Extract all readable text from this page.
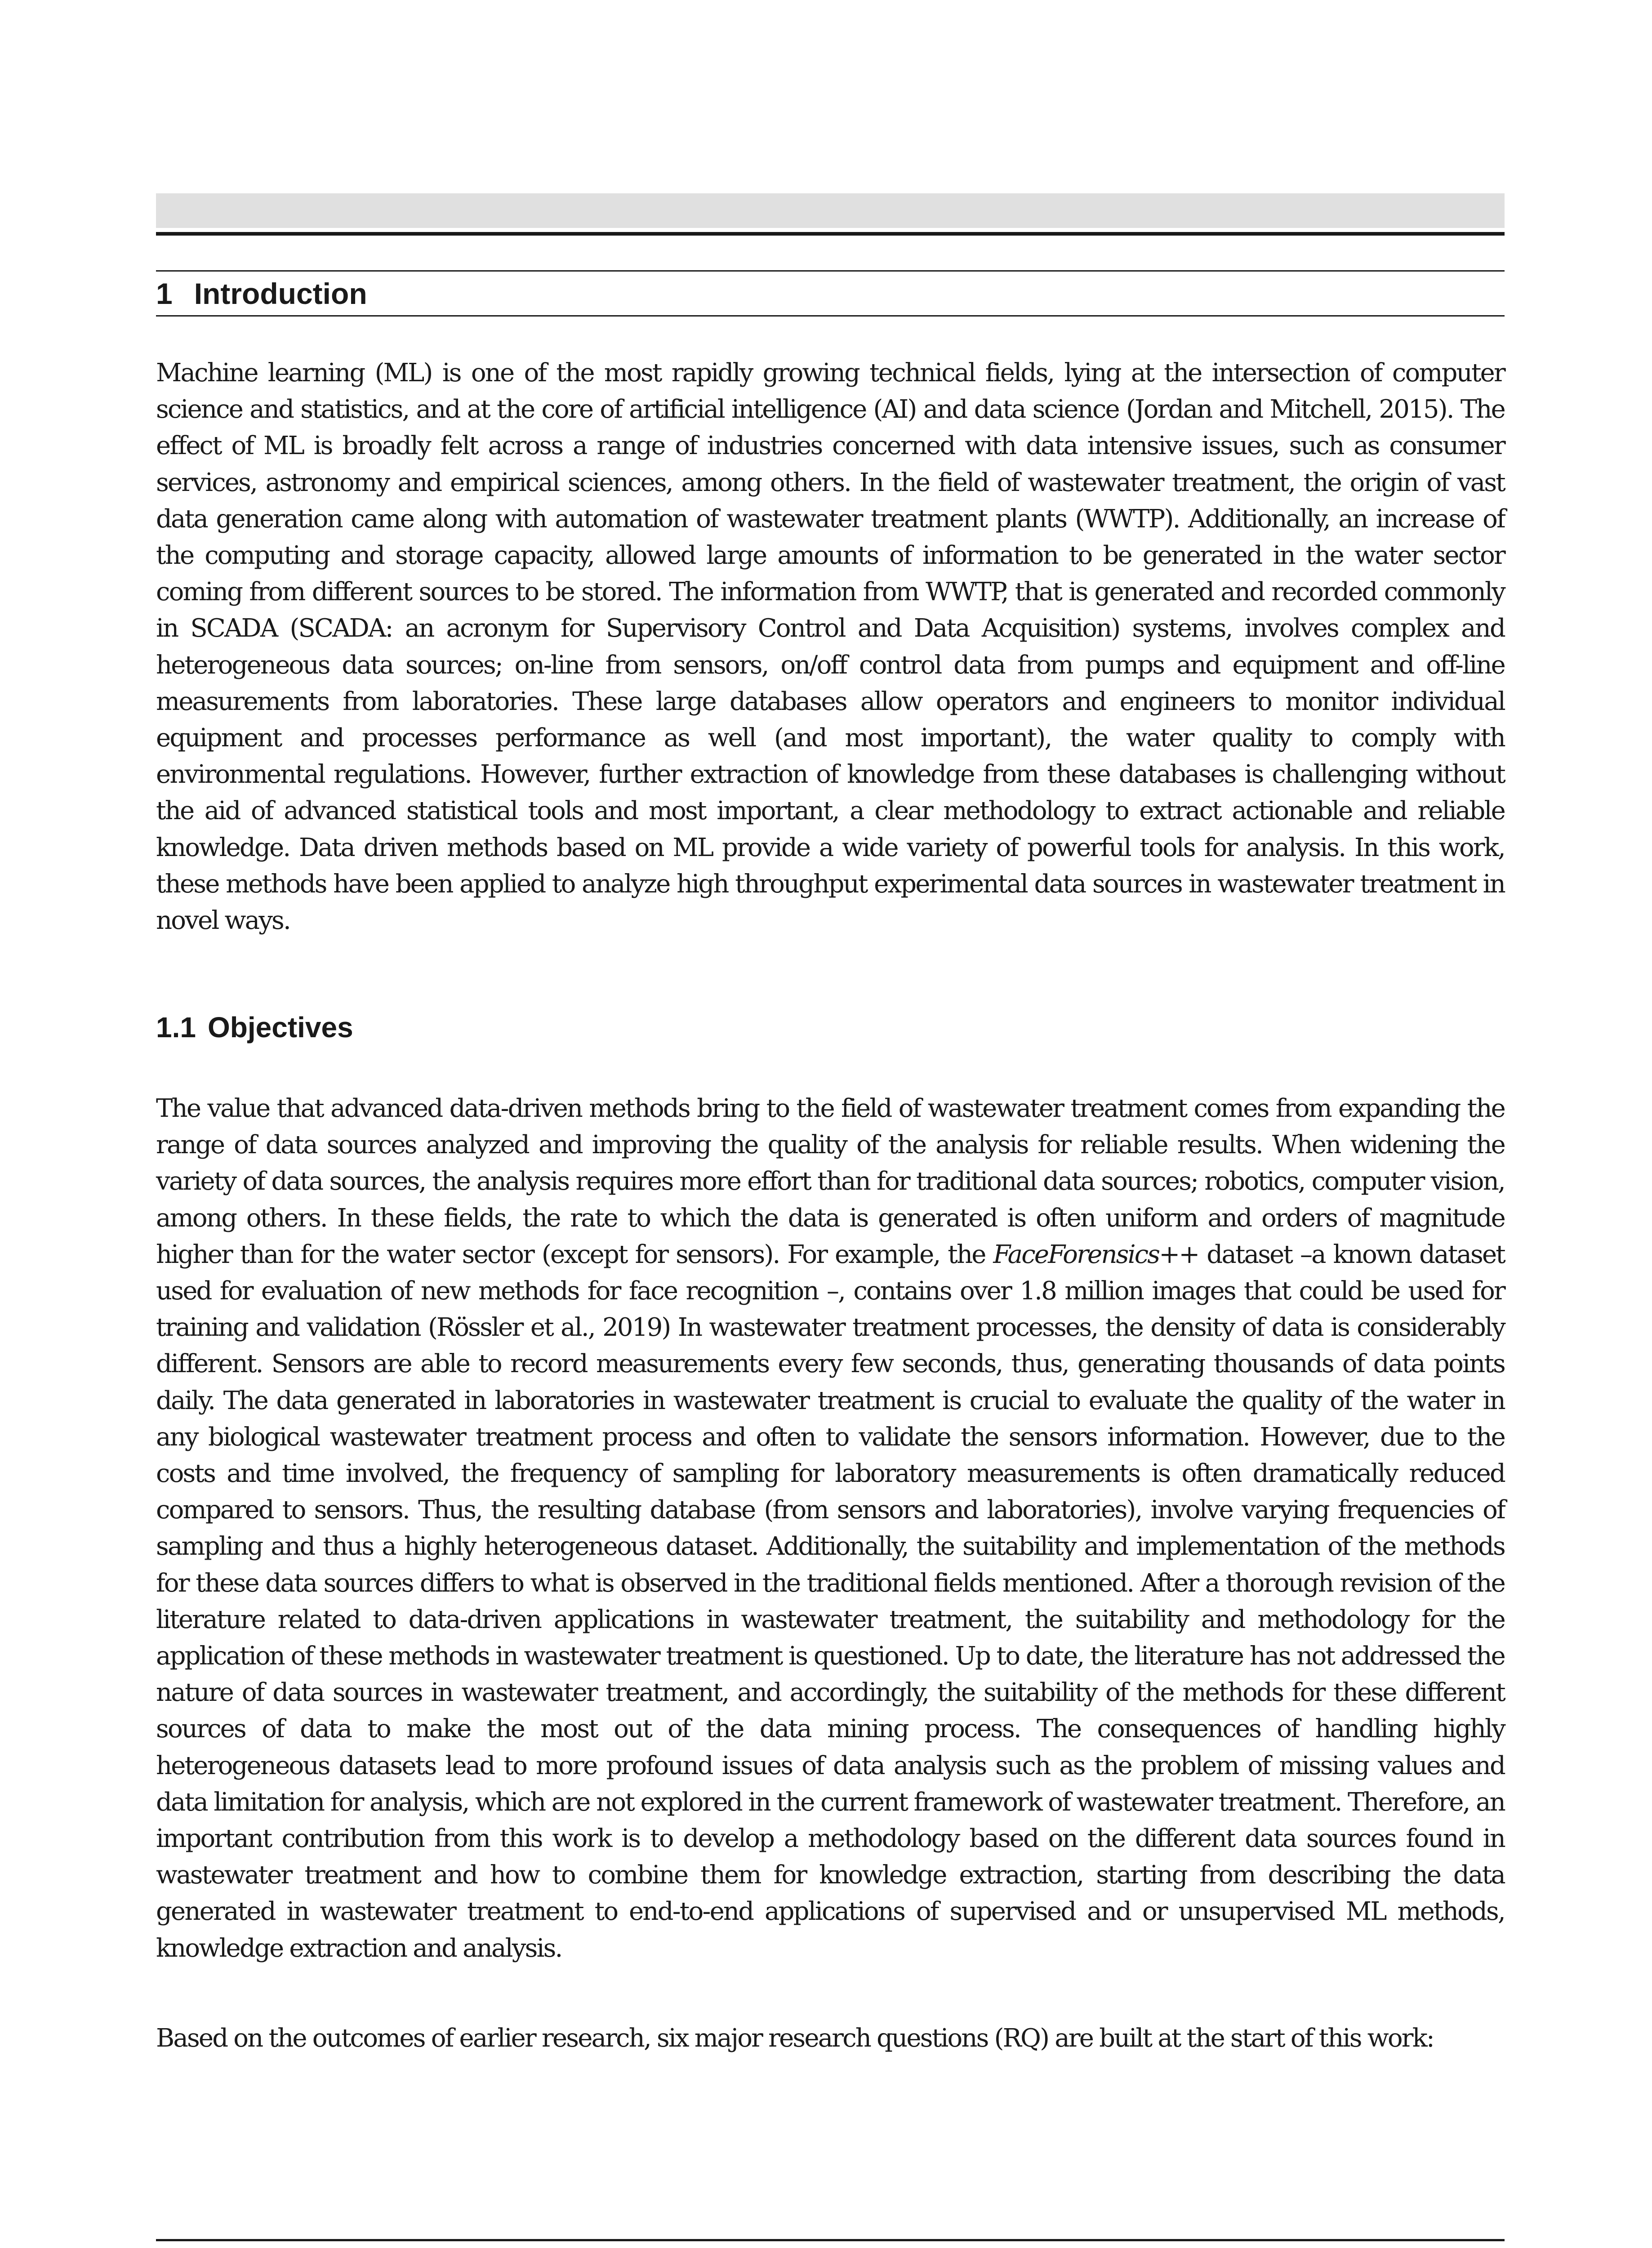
1 Introduction

Machine learning (ML) is one of the most rapidly growing technical fields, lying at the intersection of computer science and statistics, and at the core of artificial intelligence (AI) and data science (Jordan and Mitchell, 2015). The effect of ML is broadly felt across a range of industries concerned with data intensive issues, such as consumer services, astronomy and empirical sciences, among others. In the field of wastewater treatment, the origin of vast data generation came along with automation of wastewater treatment plants (WWTP). Additionally, an increase of the computing and storage capacity, allowed large amounts of information to be generated in the water sector coming from different sources to be stored. The information from WWTP, that is generated and recorded commonly in SCADA (SCADA: an acronym for Supervisory Control and Data Acquisition) systems, involves complex and heterogeneous data sources; on-line from sensors, on/off control data from pumps and equipment and off-line measurements from laboratories. These large databases allow operators and engineers to monitor individual equipment and processes performance as well (and most important), the water quality to comply with environmental regulations. However, further extraction of knowledge from these databases is challenging without the aid of advanced statistical tools and most important, a clear methodology to extract actionable and reliable knowledge. Data driven methods based on ML provide a wide variety of powerful tools for analysis. In this work, these methods have been applied to analyze high throughput experimental data sources in wastewater treatment in novel ways.

1.1 Objectives

The value that advanced data-driven methods bring to the field of wastewater treatment comes from expanding the range of data sources analyzed and improving the quality of the analysis for reliable results. When widening the variety of data sources, the analysis requires more effort than for traditional data sources; robotics, computer vision, among others. In these fields, the rate to which the data is generated is often uniform and orders of magnitude higher than for the water sector (except for sensors). For example, the FaceForensics++ dataset –a known dataset used for evaluation of new methods for face recognition –, contains over 1.8 million images that could be used for training and validation (Rössler et al., 2019) In wastewater treatment processes, the density of data is considerably different. Sensors are able to record measurements every few seconds, thus, generating thousands of data points daily. The data generated in laboratories in wastewater treatment is crucial to evaluate the quality of the water in any biological wastewater treatment process and often to validate the sensors information. However, due to the costs and time involved, the frequency of sampling for laboratory measurements is often dramatically reduced compared to sensors. Thus, the resulting database (from sensors and laboratories), involve varying frequencies of sampling and thus a highly heterogeneous dataset. Additionally, the suitability and implementation of the methods for these data sources differs to what is observed in the traditional fields mentioned. After a thorough revision of the literature related to data-driven applications in wastewater treatment, the suitability and methodology for the application of these methods in wastewater treatment is questioned. Up to date, the literature has not addressed the nature of data sources in wastewater treatment, and accordingly, the suitability of the methods for these different sources of data to make the most out of the data mining process. The consequences of handling highly heterogeneous datasets lead to more profound issues of data analysis such as the problem of missing values and data limitation for analysis, which are not explored in the current framework of wastewater treatment. Therefore, an important contribution from this work is to develop a methodology based on the different data sources found in wastewater treatment and how to combine them for knowledge extraction, starting from describing the data generated in wastewater treatment to end-to-end applications of supervised and or unsupervised ML methods, knowledge extraction and analysis.

Based on the outcomes of earlier research, six major research questions (RQ) are built at the start of this work:
